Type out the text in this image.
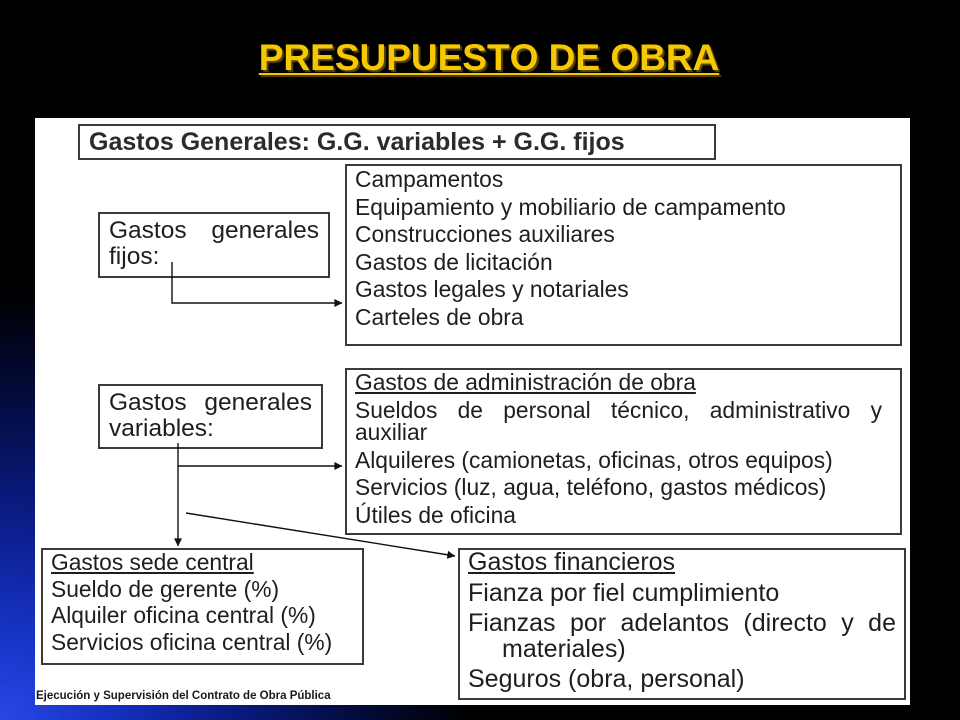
PRESUPUESTO DE OBRA
Gastos Generales: G.G. variables + G.G. fijos
Gastos generales fijos:
Campamentos
Equipamiento y mobiliario de campamento
Construcciones auxiliares
Gastos de licitación
Gastos legales y notariales
Carteles de obra
Gastos generales variables:
Gastos de administración de obra
Sueldos de personal técnico, administrativo y auxiliar
Alquileres (camionetas, oficinas, otros equipos)
Servicios (luz, agua, teléfono, gastos médicos)
Útiles de oficina
Gastos sede central
Sueldo de gerente (%)
Alquiler oficina central (%)
Servicios oficina central (%)
Gastos financieros
Fianza por fiel cumplimiento
Fianzas por adelantos (directo y de materiales)
Seguros (obra, personal)
Ejecución y Supervisión del Contrato de Obra Pública
